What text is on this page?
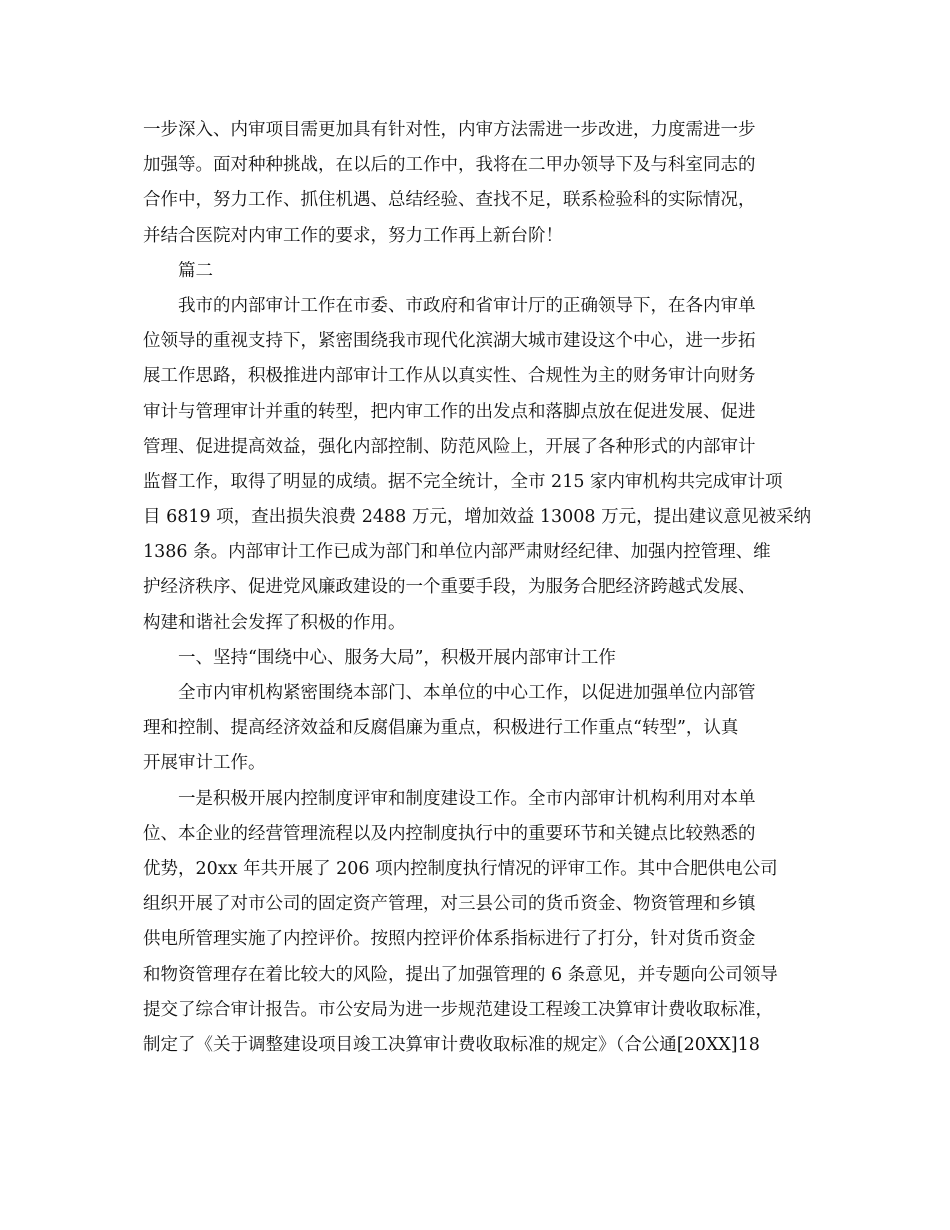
一步深入、内审项目需更加具有针对性，内审方法需进一步改进，力度需进一步
加强等。面对种种挑战，在以后的工作中，我将在二甲办领导下及与科室同志的
合作中，努力工作、抓住机遇、总结经验、查找不足，联系检验科的实际情况，
并结合医院对内审工作的要求，努力工作再上新台阶！
篇二
我市的内部审计工作在市委、市政府和省审计厅的正确领导下，在各内审单
位领导的重视支持下，紧密围绕我市现代化滨湖大城市建设这个中心，进一步拓
展工作思路，积极推进内部审计工作从以真实性、合规性为主的财务审计向财务
审计与管理审计并重的转型，把内审工作的出发点和落脚点放在促进发展、促进
管理、促进提高效益，强化内部控制、防范风险上，开展了各种形式的内部审计
监督工作，取得了明显的成绩。据不完全统计，全市 215 家内审机构共完成审计项
目 6819 项，查出损失浪费 2488 万元，增加效益 13008 万元，提出建议意见被采纳
1386 条。内部审计工作已成为部门和单位内部严肃财经纪律、加强内控管理、维
护经济秩序、促进党风廉政建设的一个重要手段，为服务合肥经济跨越式发展、
构建和谐社会发挥了积极的作用。
一、坚持“围绕中心、服务大局”，积极开展内部审计工作
全市内审机构紧密围绕本部门、本单位的中心工作，以促进加强单位内部管
理和控制、提高经济效益和反腐倡廉为重点，积极进行工作重点“转型”，认真
开展审计工作。
一是积极开展内控制度评审和制度建设工作。全市内部审计机构利用对本单
位、本企业的经营管理流程以及内控制度执行中的重要环节和关键点比较熟悉的
优势，20xx 年共开展了 206 项内控制度执行情况的评审工作。其中合肥供电公司
组织开展了对市公司的固定资产管理，对三县公司的货币资金、物资管理和乡镇
供电所管理实施了内控评价。按照内控评价体系指标进行了打分，针对货币资金
和物资管理存在着比较大的风险，提出了加强管理的 6 条意见，并专题向公司领导
提交了综合审计报告。市公安局为进一步规范建设工程竣工决算审计费收取标准，
制定了《关于调整建设项目竣工决算审计费收取标准的规定》（合公通[20XX]18
